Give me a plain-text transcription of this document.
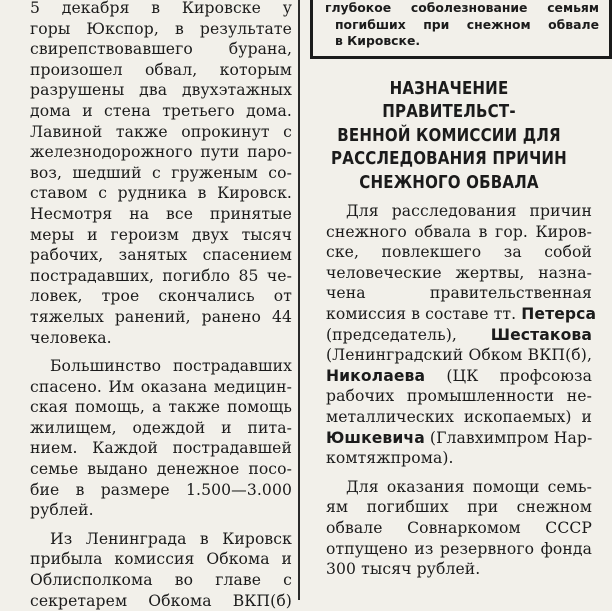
5 декабря в Кировске у
горы Юкспор, в результате
свирепствовавшего бурана,
произошел обвал, которым
разрушены два двухэтажных
дома и стена третьего дома.
Лавиной также опрокинут с
железнодорожного пути паро-
воз, шедший с груженым со-
ставом с рудника в Кировск.
Несмотря на все принятые
меры и героизм двух тысяч
рабочих, занятых спасением
пострадавших, погибло 85 че-
ловек, трое скончались от
тяжелых ранений, ранено 44
человека.
Большинство пострадавших
спасено. Им оказана медицин-
ская помощь, а также помощь
жилищем, одеждой и пита-
нием. Каждой пострадавшей
семье выдано денежное посо-
бие в размере 1.500—3.000
рублей.
Из Ленинграда в Кировск
прибыла комиссия Обкома и
Облисполкома во главе с
секретарем Обкома ВКП(б)
глубокое соболезнование семьям
погибших при снежном обвале
в Кировске.
НАЗНАЧЕНИЕ ПРАВИТЕЛЬСТ-
ВЕННОЙ КОМИССИИ ДЛЯ
РАССЛЕДОВАНИЯ ПРИЧИН
СНЕЖНОГО ОБВАЛА
Для расследования причин
снежного обвала в гор. Киров-
ске, повлекшего за собой
человеческие жертвы, назна-
чена правительственная
комиссия в составе тт. Петерса
(председатель), Шестакова
(Ленинградский Обком ВКП(б),
Николаева (ЦК профсоюза
рабочих промышленности не-
металлических ископаемых) и
Юшкевича (Главхимпром Нар-
комтяжпрома).
Для оказания помощи семь-
ям погибших при снежном
обвале Совнаркомом СССР
отпущено из резервного фонда
300 тысяч рублей.
